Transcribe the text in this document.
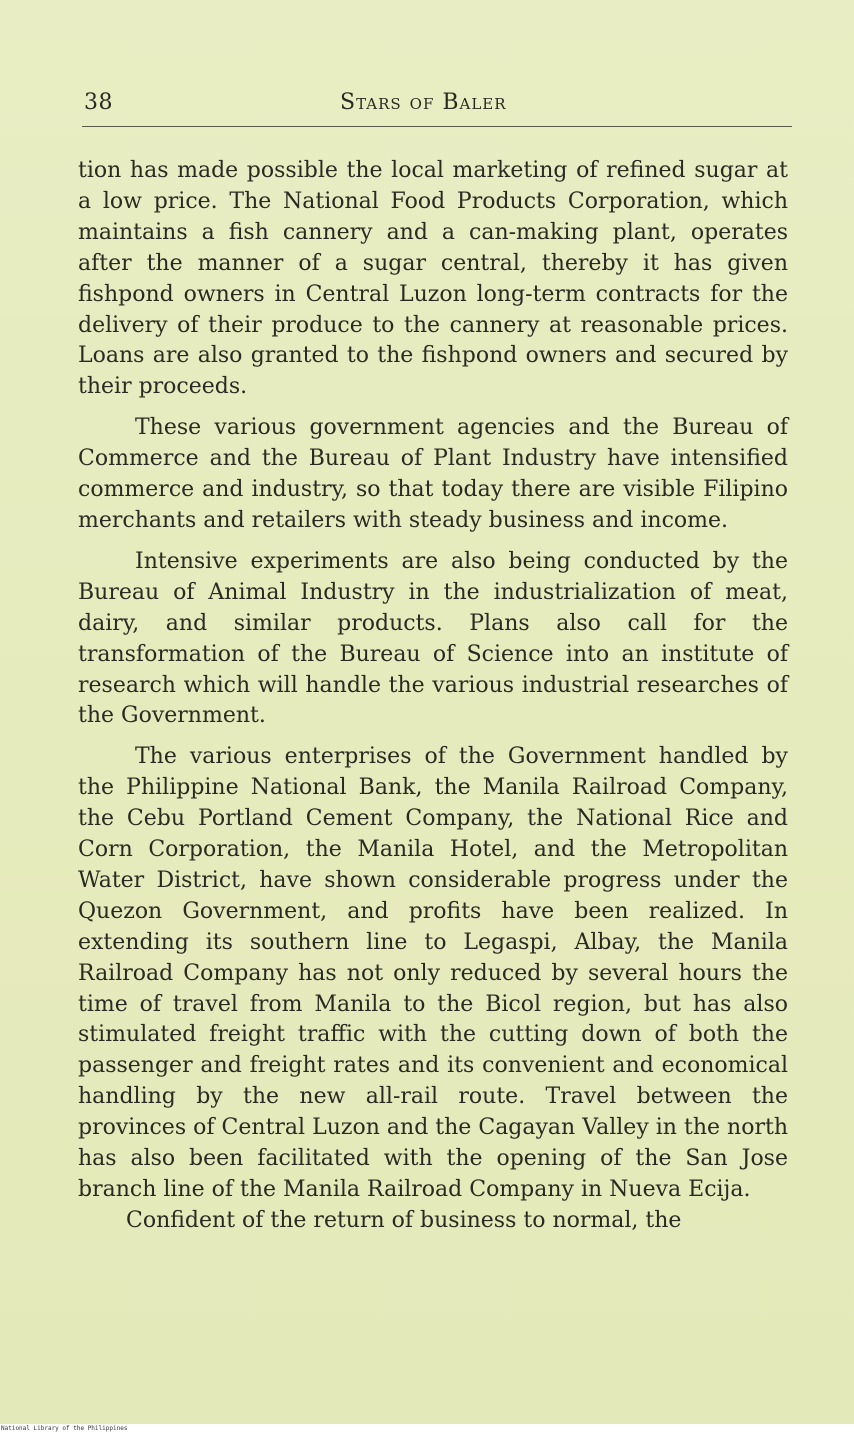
38	Stars of Baler

tion has made possible the local marketing of refined sugar at a low price. The National Food Products Corporation, which maintains a fish cannery and a can-making plant, operates after the manner of a sugar central, thereby it has given fishpond owners in Central Luzon long-term contracts for the delivery of their produce to the cannery at reasonable prices. Loans are also granted to the fishpond owners and secured by their proceeds.

These various government agencies and the Bureau of Commerce and the Bureau of Plant Industry have intensified commerce and industry, so that today there are visible Filipino merchants and retailers with steady business and income.

Intensive experiments are also being conducted by the Bureau of Animal Industry in the industrialization of meat, dairy, and similar products. Plans also call for the transformation of the Bureau of Science into an institute of research which will handle the various industrial researches of the Government.

The various enterprises of the Government handled by the Philippine National Bank, the Manila Railroad Company, the Cebu Portland Cement Company, the National Rice and Corn Corporation, the Manila Hotel, and the Metropolitan Water District, have shown considerable progress under the Quezon Government, and profits have been realized. In extending its southern line to Legaspi, Albay, the Manila Railroad Company has not only reduced by several hours the time of travel from Manila to the Bicol region, but has also stimulated freight traffic with the cutting down of both the passenger and freight rates and its convenient and economical handling by the new all-rail route. Travel between the provinces of Central Luzon and the Cagayan Valley in the north has also been facilitated with the opening of the San Jose branch line of the Manila Railroad Company in Nueva Ecija.

Confident of the return of business to normal, the

National Library of the Philippines
